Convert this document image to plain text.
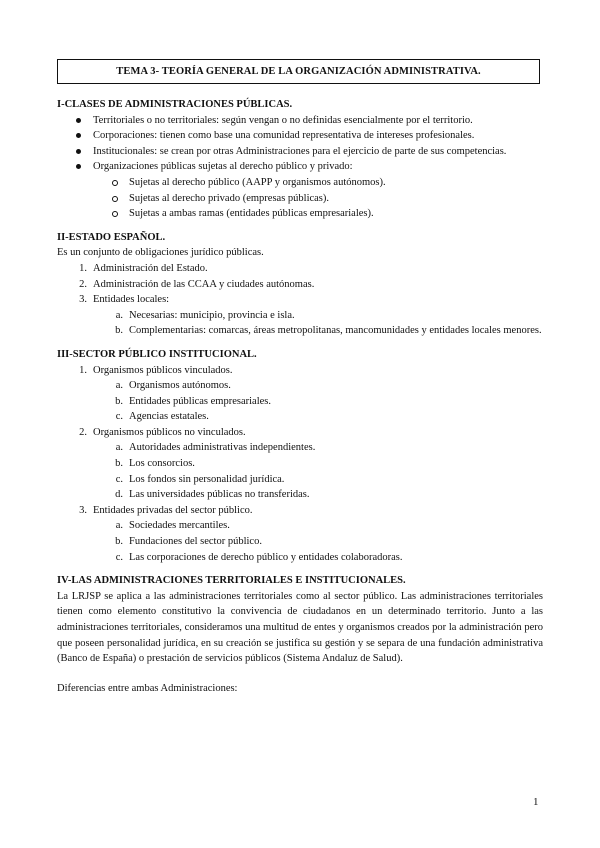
TEMA 3- TEORÍA GENERAL DE LA ORGANIZACIÓN ADMINISTRATIVA.
I-CLASES DE ADMINISTRACIONES PÚBLICAS.
Territoriales o no territoriales: según vengan o no definidas esencialmente por el territorio.
Corporaciones: tienen como base una comunidad representativa de intereses profesionales.
Institucionales: se crean por otras Administraciones para el ejercicio de parte de sus competencias.
Organizaciones públicas sujetas al derecho público y privado:
Sujetas al derecho público (AAPP y organismos autónomos).
Sujetas al derecho privado (empresas públicas).
Sujetas a ambas ramas (entidades públicas empresariales).
II-ESTADO ESPAÑOL.

Es un conjunto de obligaciones jurídico públicas.

1. Administración del Estado.
2. Administración de las CCAA y ciudades autónomas.
3. Entidades locales:
a. Necesarias: municipio, provincia e isla.
b. Complementarias: comarcas, áreas metropolitanas, mancomunidades y entidades locales menores.
III-SECTOR PÚBLICO INSTITUCIONAL.
1. Organismos públicos vinculados.
a. Organismos autónomos.
b. Entidades públicas empresariales.
c. Agencias estatales.
2. Organismos públicos no vinculados.
a. Autoridades administrativas independientes.
b. Los consorcios.
c. Los fondos sin personalidad jurídica.
d. Las universidades públicas no transferidas.
3. Entidades privadas del sector público.
a. Sociedades mercantiles.
b. Fundaciones del sector público.
c. Las corporaciones de derecho público y entidades colaboradoras.
IV-LAS ADMINISTRACIONES TERRITORIALES E INSTITUCIONALES.

La LRJSP se aplica a las administraciones territoriales como al sector público. Las administraciones territoriales tienen como elemento constitutivo la convivencia de ciudadanos en un determinado territorio. Junto a las administraciones territoriales, consideramos una multitud de entes y organismos creados por la administración pero que poseen personalidad jurídica, en su creación se justifica su gestión y se separa de una fundación administrativa (Banco de España) o prestación de servicios públicos (Sistema Andaluz de Salud).

Diferencias entre ambas Administraciones:

1
